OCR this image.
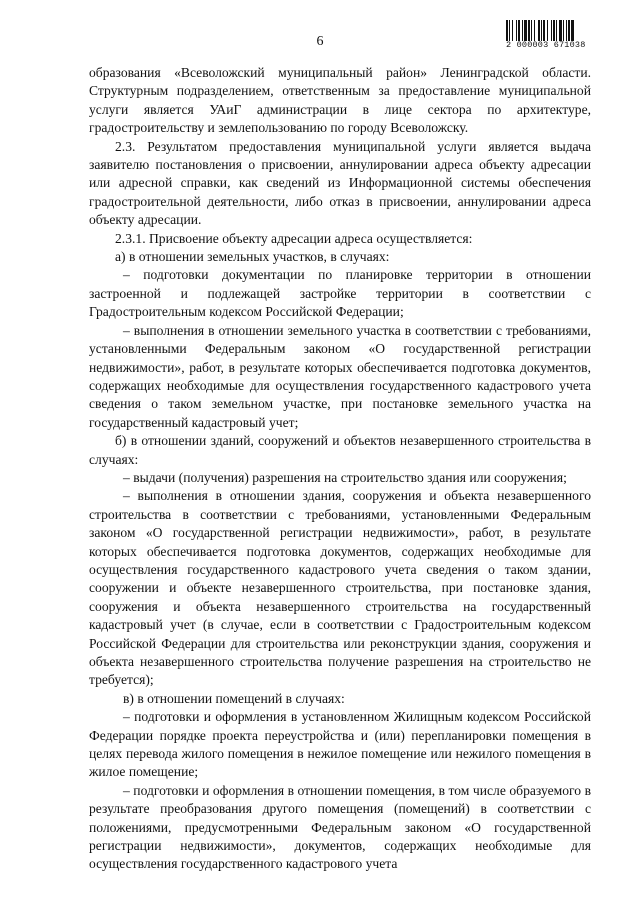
6	2 000003 671038

образования «Всеволожский муниципальный район» Ленинградской области. Структурным подразделением, ответственным за предоставление муниципальной услуги является УАиГ администрации в лице сектора по архитектуре, градостроительству и землепользованию по городу Всеволожску.

2.3. Результатом предоставления муниципальной услуги является выдача заявителю постановления о присвоении, аннулировании адреса объекту адресации или адресной справки, как сведений из Информационной системы обеспечения градостроительной деятельности, либо отказ в присвоении, аннулировании адреса объекту адресации.

2.3.1. Присвоение объекту адресации адреса осуществляется:

а) в отношении земельных участков, в случаях:

– подготовки документации по планировке территории в отношении застроенной и подлежащей застройке территории в соответствии с Градостроительным кодексом Российской Федерации;

– выполнения в отношении земельного участка в соответствии с требованиями, установленными Федеральным законом «О государственной регистрации недвижимости», работ, в результате которых обеспечивается подготовка документов, содержащих необходимые для осуществления государственного кадастрового учета сведения о таком земельном участке, при постановке земельного участка на государственный кадастровый учет;

б) в отношении зданий, сооружений и объектов незавершенного строительства в случаях:

– выдачи (получения) разрешения на строительство здания или сооружения;

– выполнения в отношении здания, сооружения и объекта незавершенного строительства в соответствии с требованиями, установленными Федеральным законом «О государственной регистрации недвижимости», работ, в результате которых обеспечивается подготовка документов, содержащих необходимые для осуществления государственного кадастрового учета сведения о таком здании, сооружении и объекте незавершенного строительства, при постановке здания, сооружения и объекта незавершенного строительства на государственный кадастровый учет (в случае, если в соответствии с Градостроительным кодексом Российской Федерации для строительства или реконструкции здания, сооружения и объекта незавершенного строительства получение разрешения на строительство не требуется);

в) в отношении помещений в случаях:

– подготовки и оформления в установленном Жилищным кодексом Российской Федерации порядке проекта переустройства и (или) перепланировки помещения в целях перевода жилого помещения в нежилое помещение или нежилого помещения в жилое помещение;

– подготовки и оформления в отношении помещения, в том числе образуемого в результате преобразования другого помещения (помещений) в соответствии с положениями, предусмотренными Федеральным законом «О государственной регистрации недвижимости», документов, содержащих необходимые для осуществления государственного кадастрового учета
